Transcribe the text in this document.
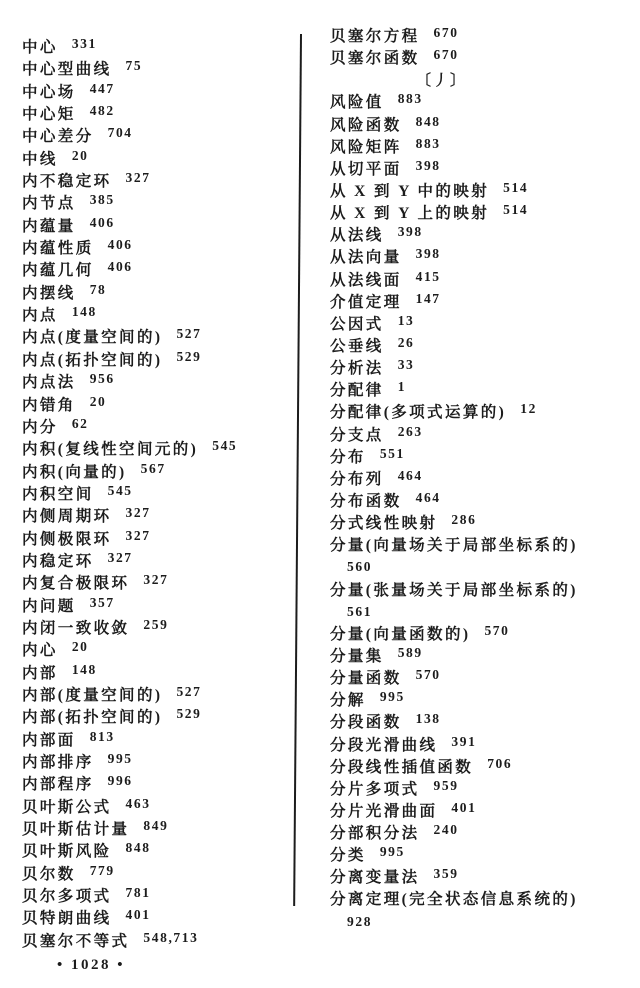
中心 331
中心型曲线 75
中心场 447
中心矩 482
中心差分 704
中线 20
内不稳定环 327
内节点 385
内蕴量 406
内蕴性质 406
内蕴几何 406
内摆线 78
内点 148
内点(度量空间的) 527
内点(拓扑空间的) 529
内点法 956
内错角 20
内分 62
内积(复线性空间元的) 545
内积(向量的) 567
内积空间 545
内侧周期环 327
内侧极限环 327
内稳定环 327
内复合极限环 327
内问题 357
内闭一致收敛 259
内心 20
内部 148
内部(度量空间的) 527
内部(拓扑空间的) 529
内部面 813
内部排序 995
内部程序 996
贝叶斯公式 463
贝叶斯估计量 849
贝叶斯风险 848
贝尔数 779
贝尔多项式 781
贝特朗曲线 401
贝塞尔不等式 548,713
贝塞尔方程 670
贝塞尔函数 670
〔丿〕
风险值 883
风险函数 848
风险矩阵 883
从切平面 398
从 X 到 Y 中的映射 514
从 X 到 Y 上的映射 514
从法线 398
从法向量 398
从法线面 415
介值定理 147
公因式 13
公垂线 26
分析法 33
分配律 1
分配律(多项式运算的) 12
分支点 263
分布 551
分布列 464
分布函数 464
分式线性映射 286
分量(向量场关于局部坐标系的)
560
分量(张量场关于局部坐标系的)
561
分量(向量函数的) 570
分量集 589
分量函数 570
分解 995
分段函数 138
分段光滑曲线 391
分段线性插值函数 706
分片多项式 959
分片光滑曲面 401
分部积分法 240
分类 995
分离变量法 359
分离定理(完全状态信息系统的)
928
• 1028 •
